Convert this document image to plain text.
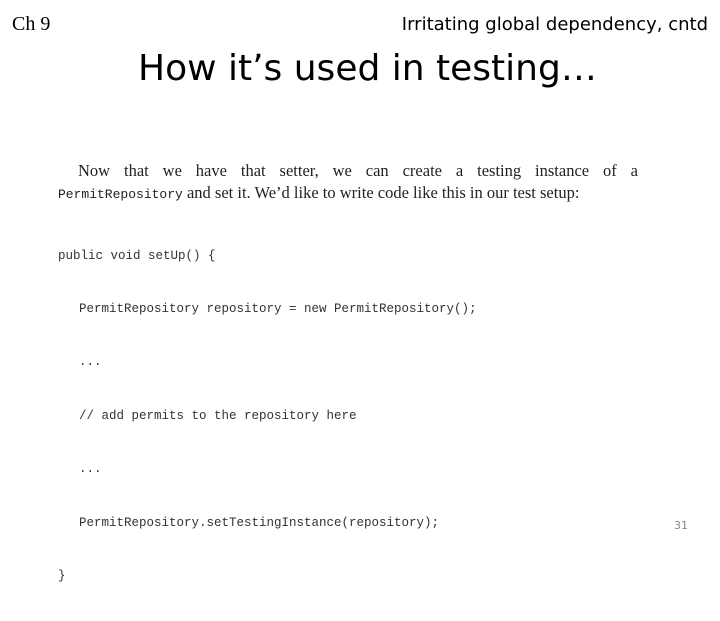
Ch 9	Irritating global dependency, cntd
How it’s used in testing…
Now that we have that setter, we can create a testing instance of a
PermitRepository and set it. We’d like to write code like this in our test setup:

public void setUp() {

PermitRepository repository = new PermitRepository();

...

// add permits to the repository here

...

PermitRepository.setTestingInstance(repository);

}

31
